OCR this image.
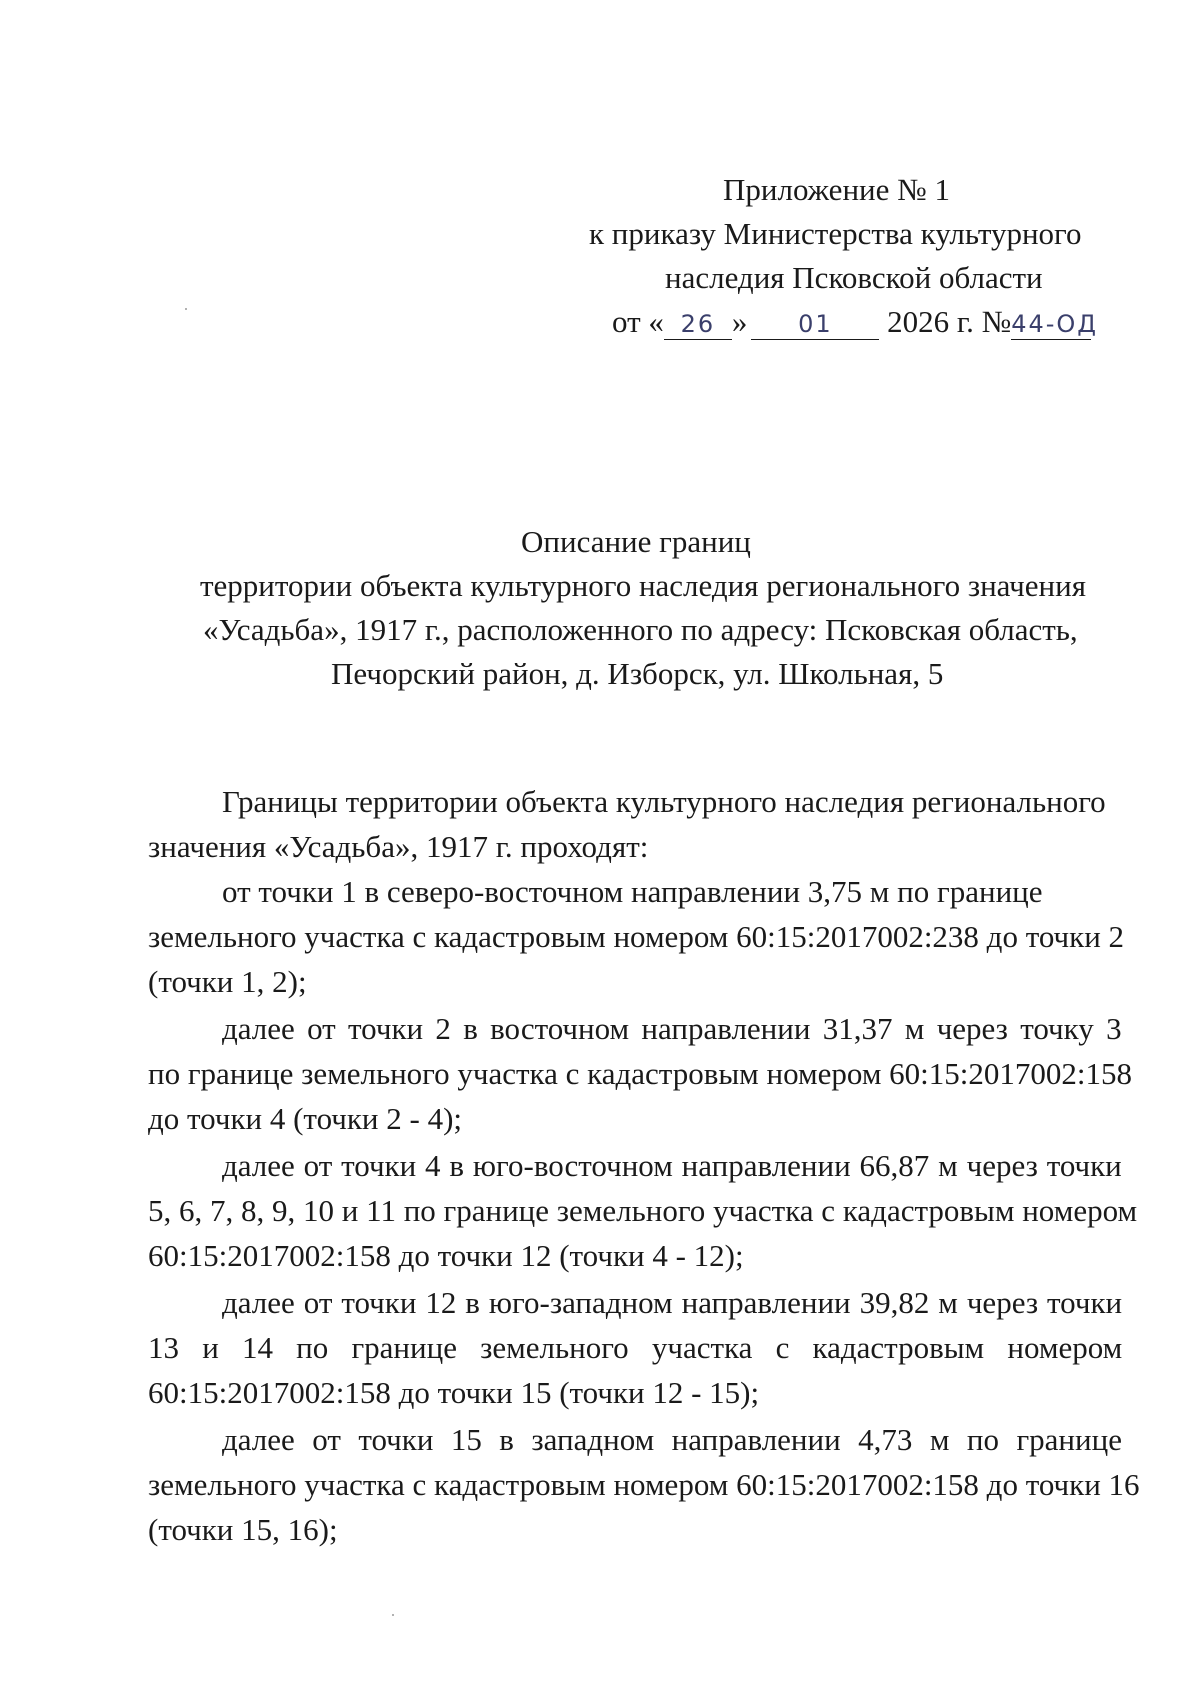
Приложение № 1
к приказу Министерства культурного
наследия Псковской области
от « 26 » 01 2026 г. №44-ОД
Описание границ
территории объекта культурного наследия регионального значения
«Усадьба», 1917 г., расположенного по адресу: Псковская область,
Печорский район, д. Изборск, ул. Школьная, 5
Границы территории объекта культурного наследия регионального
значения «Усадьба», 1917 г. проходят:
от точки 1 в северо-восточном направлении 3,75 м по границе
земельного участка с кадастровым номером 60:15:2017002:238 до точки 2
(точки 1, 2);
далее от точки 2 в восточном направлении 31,37 м через точку 3
по границе земельного участка с кадастровым номером 60:15:2017002:158
до точки 4 (точки 2 - 4);
далее от точки 4 в юго-восточном направлении 66,87 м через точки
5, 6, 7, 8, 9, 10 и 11 по границе земельного участка с кадастровым номером
60:15:2017002:158 до точки 12 (точки 4 - 12);
далее от точки 12 в юго-западном направлении 39,82 м через точки
13 и 14 по границе земельного участка с кадастровым номером
60:15:2017002:158 до точки 15 (точки 12 - 15);
далее от точки 15 в западном направлении 4,73 м по границе
земельного участка с кадастровым номером 60:15:2017002:158 до точки 16
(точки 15, 16);
